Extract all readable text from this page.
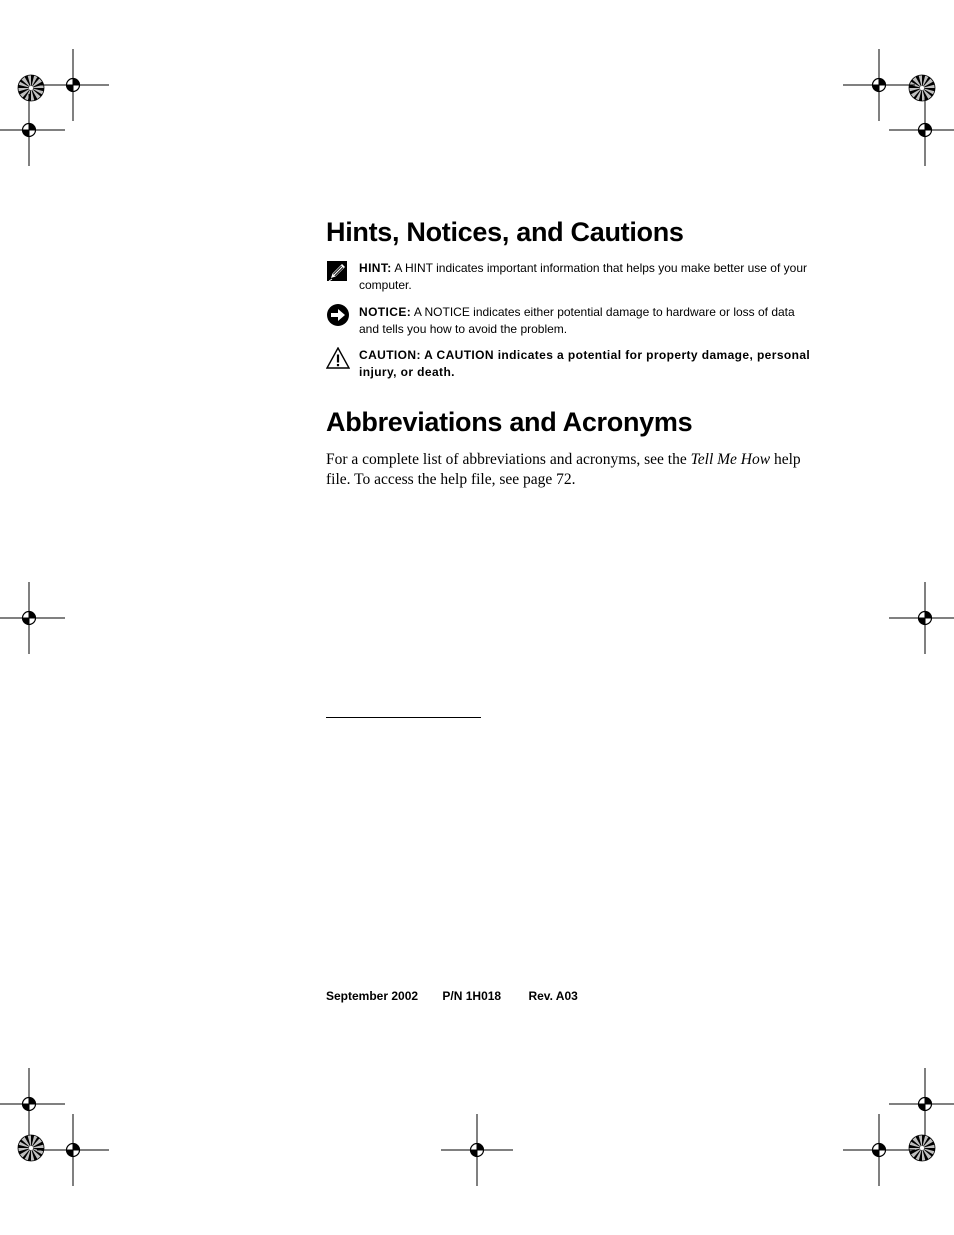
Hints, Notices, and Cautions
HINT: A HINT indicates important information that helps you make better use of your computer.
NOTICE: A NOTICE indicates either potential damage to hardware or loss of data and tells you how to avoid the problem.
CAUTION: A CAUTION indicates a potential for property damage, personal injury, or death.
Abbreviations and Acronyms

For a complete list of abbreviations and acronyms, see the Tell Me How help file. To access the help file, see page 72.

September 2002 P/N 1H018 Rev. A03
